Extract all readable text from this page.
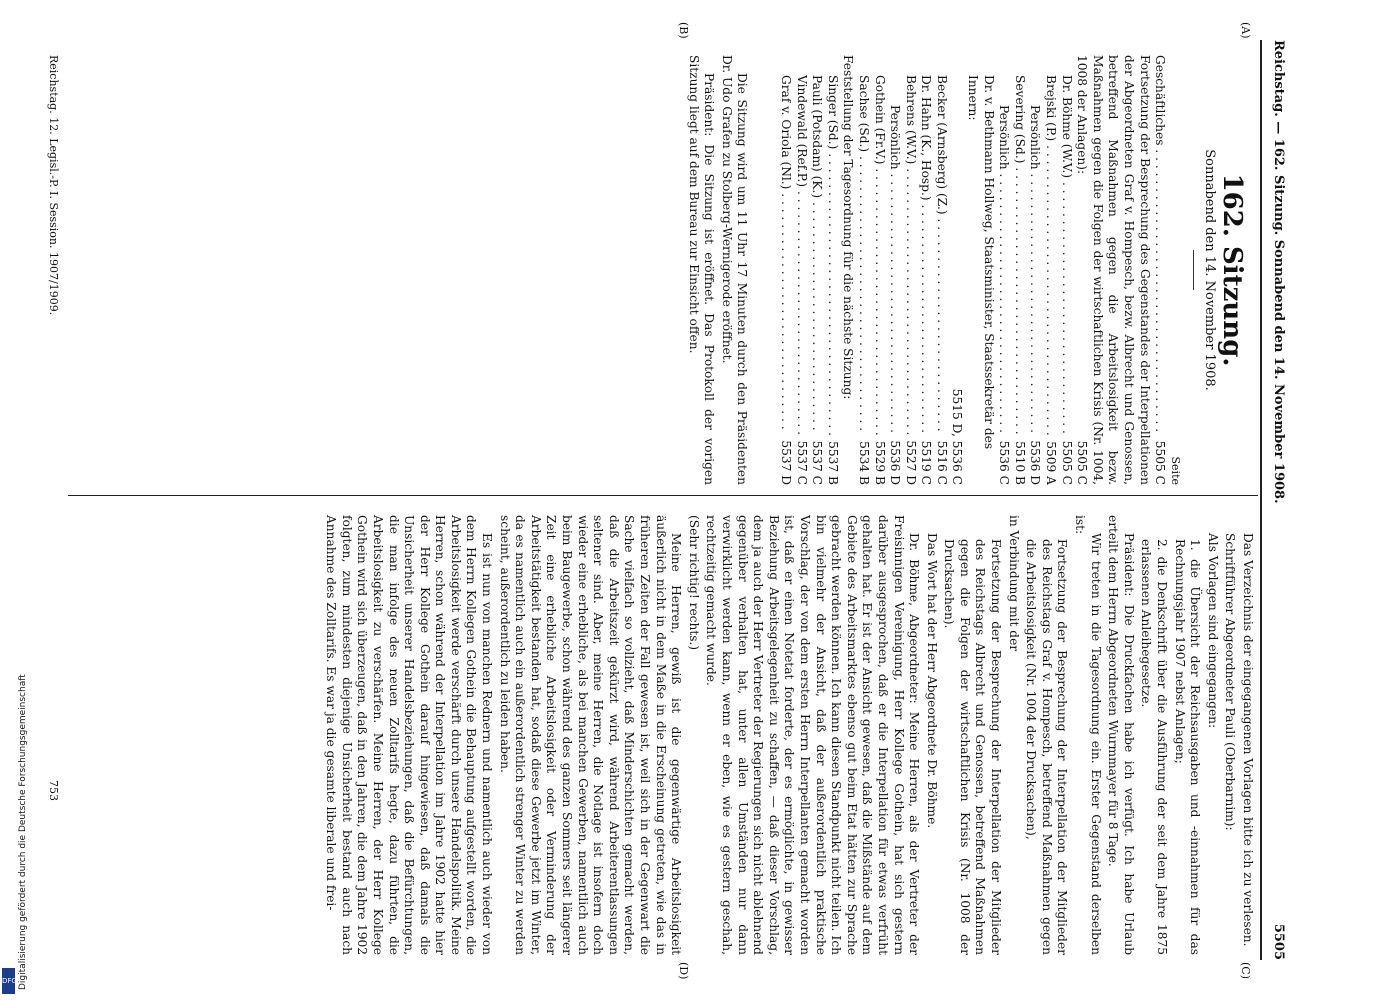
Reichstag. — 162. Sitzung. Sonnabend den 14. November 1908.
5505
(A)
(B)
(C)
(D)
162. Sitzung.
Sonnabend den 14. November 1908.
Seite
Geschäftliches . . .
5505 C
Fortsetzung der Besprechung des Gegenstandes der Interpellationen der Abgeordneten Graf v. Hompesch, bezw. Albrecht und Genossen, betreffend Maßnahmen gegen die Arbeitslosigkeit bezw. Maßnahmen gegen die Folgen der wirtschaftlichen Krisis (Nr. 1004, 1008 der Anlagen):
5505 C
Dr. Böhme (W.V.) . . .
5505 C
Brejski (P.) . . .
5509 A
Persönlich . . .
5536 D
Severing (Sd.) . . .
5510 B
Persönlich . . .
5536 C
Dr. v. Bethmann Hollweg, Staatsminister, Staatssekretär des Innern:
5515 D, 5536 C
Becker (Arnsberg) (Z.) . . .
5516 C
Dr. Hahn (K., Hosp.) . . .
5519 C
Behrens (W.V.) . . .
5527 D
Persönlich . . .
5536 D
Gothein (Fr.V.) . . .
5529 B
Sachse (Sd.) . . .
5534 B
Feststellung der Tagesordnung für die nächste Sitzung:
Singer (Sd.) . . .
5537 B
Pauli (Potsdam) (K.) . . .
5537 C
Vindewald (Ref.P.) . . .
5537 C
Graf v. Oriola (Nl.) . . .
5537 D

Die Sitzung wird um 11 Uhr 17 Minuten durch den Präsidenten Dr. Udo Grafen zu Stolberg-Wernigerode eröffnet.

Präsident: Die Sitzung ist eröffnet. Das Protokoll der vorigen Sitzung liegt auf dem Bureau zur Einsicht offen.

Das Verzeichnis der eingegangenen Vorlagen bitte ich zu verlesen.

Schriftführer Abgeordneter Pauli (Oberbarnim):

Als Vorlagen sind eingegangen:

1. die Übersicht der Reichsausgaben und -einnahmen für das Rechnungsjahr 1907 nebst Anlagen;

2. die Denkschrift über die Ausführung der seit dem Jahre 1875 erlassenen Anleihegesetze.

Präsident: Die Druckfachen habe ich verfügt. Ich habe Urlaub erteilt dem Herrn Abgeordneten Wurmmayer für 8 Tage.

Wir treten in die Tagesordnung ein. Erster Gegenstand derselben ist:

Fortsetzung der Besprechung der Interpellation der Mitglieder des Reichstags Graf v. Hompesch, betreffend Maßnahmen gegen die Arbeitslosigkeit (Nr. 1004 der Drucksachen),

in Verbindung mit der

Fortsetzung der Besprechung der Interpellation der Mitglieder des Reichstags Albrecht und Genossen, betreffend Maßnahmen gegen die Folgen der wirtschaftlichen Krisis (Nr. 1008 der Drucksachen).

Das Wort hat der Herr Abgeordnete Dr. Böhme.

Dr. Böhme, Abgeordneter: Meine Herren, als der Vertreter der Freisinnigen Vereinigung, Herr Kollege Gothein, hat sich gestern darüber ausgesprochen, daß er die Interpellation für etwas verfrüht gehalten hat. Er ist der Ansicht gewesen, daß die Mißstände auf dem Gebiete des Arbeitsmarktes ebenso gut beim Etat hätten zur Sprache gebracht werden können. Ich kann diesen Standpunkt nicht teilen. Ich bin vielmehr der Ansicht, daß der außerordentlich praktische Vorschlag, der von dem ersten Herrn Interpellanten gemacht worden ist, daß er einen Notetat forderte, der es ermöglichte, in gewisser Beziehung Arbeitsgelegenheit zu schaffen, — daß dieser Vorschlag, dem ja auch der Herr Vertreter der Regierungen sich nicht ablehnend gegenüber verhalten hat, unter allen Umständen nur dann verwirklicht werden kann, wenn er eben, wie es gestern geschah, rechtzeitig gemacht wurde.

(Sehr richtig! rechts.)

Meine Herren, gewiß ist die gegenwärtige Arbeitslosigkeit äußerlich nicht in dem Maße in die Erscheinung getreten, wie das in früheren Zeiten der Fall gewesen ist, weil sich in der Gegenwart die Sache vielfach so vollzieht, daß Minderschichten gemacht werden, daß die Arbeitszeit gekürzt wird, während Arbeiterentlassungen seltener sind. Aber, meine Herren, die Notlage ist insofern doch wieder eine erhebliche, als bei manchen Gewerben, namentlich auch beim Baugewerbe, schon während des ganzen Sommers seit längerer Zeit eine erhebliche Arbeitslosigkeit oder Verminderung der Arbeitstätigkeit bestanden hat, sodaß diese Gewerbe jetzt im Winter, da es namentlich auch ein außerordentlich strenger Winter zu werden scheint, außerordentlich zu leiden haben.

Es ist nun von manchen Rednern und namentlich auch wieder von dem Herrn Kollegen Gothein die Behauptung aufgestellt worden, die Arbeitslosigkeit werde verschärft durch unsere Handelspolitik. Meine Herren, schon während der Interpellation im Jahre 1902 hatte hier der Herr Kollege Gothein darauf hingewiesen, daß damals die Unsicherheit unserer Handelsbeziehungen, daß die Befürchtungen, die man infolge des neuen Zolltarifs hegte, dazu führten, die Arbeitslosigkeit zu verschärfen. Meine Herren, der Herr Kollege Gothein wird sich überzeugen, daß in den Jahren, die dem Jahre 1902 folgten, zum mindesten diejenige Unsicherheit bestand auch nach Annahme des Zolltarifs. Es war ja die gesamte liberale und frei-

Reichstag. 12. Legisl.-P. I. Session. 1907/1909.
753
Digitalisierung gefördert durch die Deutsche Forschungsgemeinschaft
DFG
